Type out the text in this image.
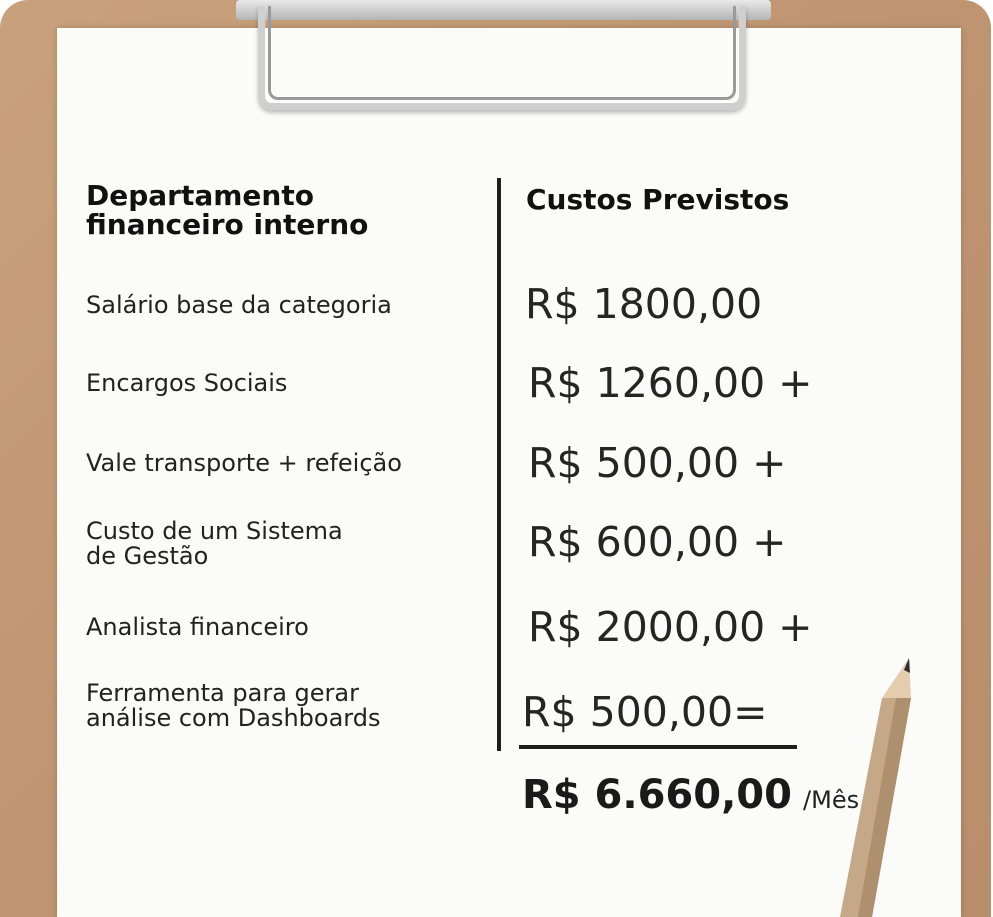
Departamento
financeiro interno
Custos Previstos
Salário base da categoria	R$ 1800,00
Encargos Sociais	R$ 1260,00 +
Vale transporte + refeição	R$ 500,00 +
Custo de um Sistema
de Gestão	R$ 600,00 +
Analista financeiro	R$ 2000,00 +
Ferramenta para gerar
análise com Dashboards	R$ 500,00=
R$ 6.660,00 /Mês
